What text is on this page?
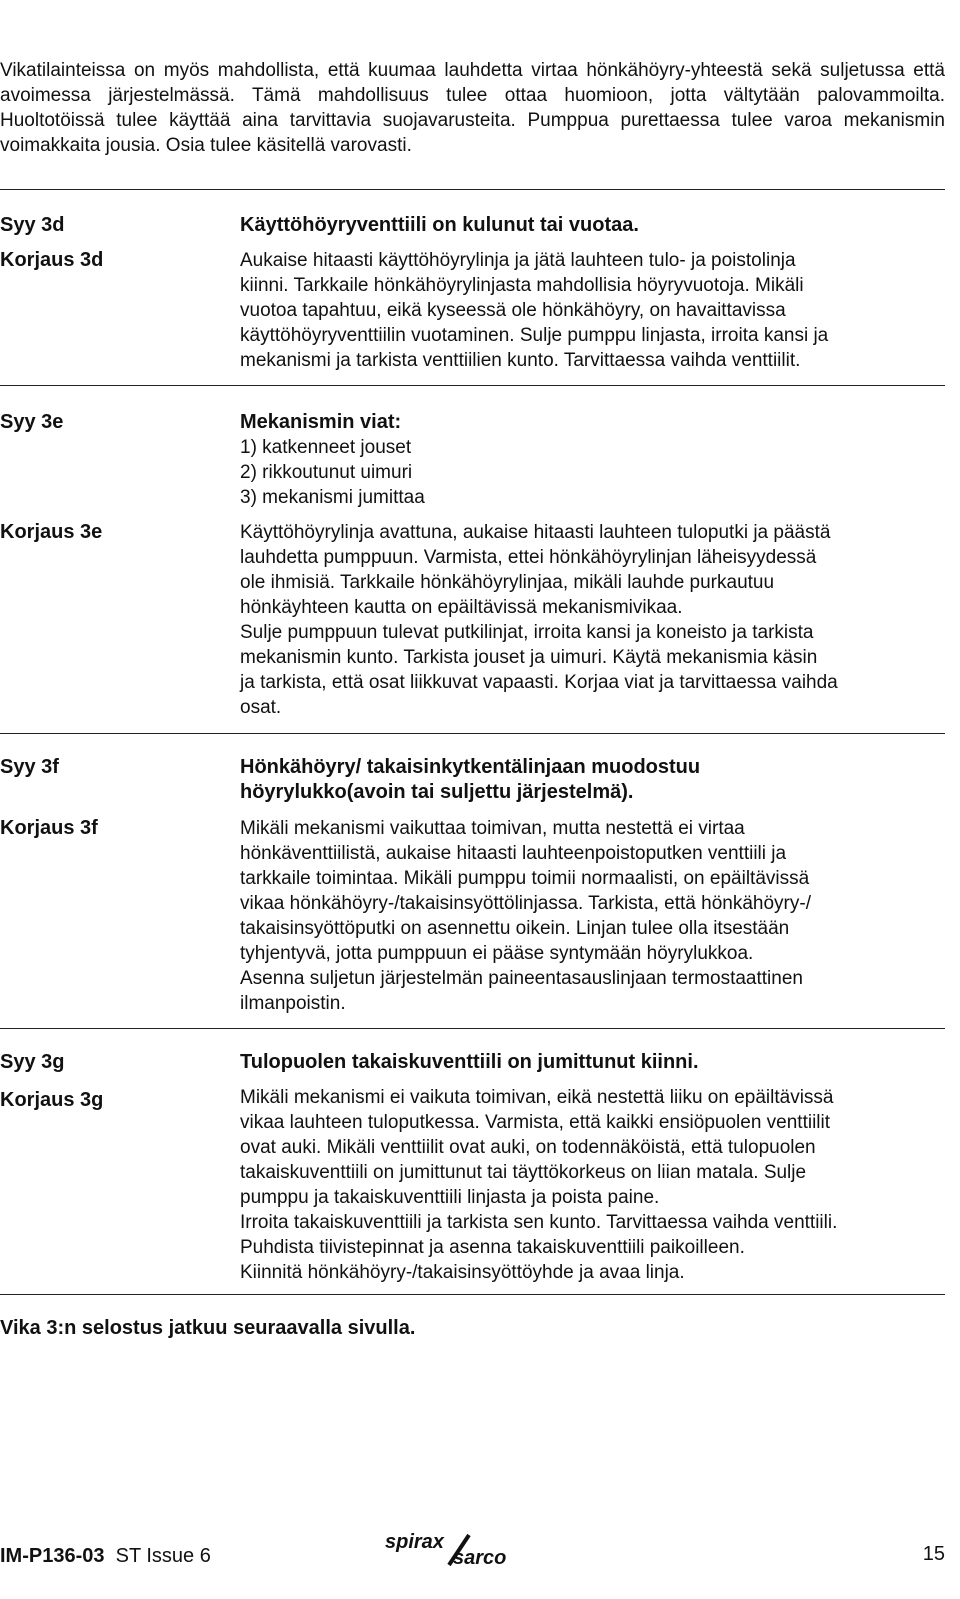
Vikatilainteissa on myös mahdollista, että kuumaa lauhdetta virtaa hönkähöyry-yhteestä sekä suljetussa että avoimessa järjestelmässä. Tämä mahdollisuus tulee ottaa huomioon, jotta vältytään palovammoilta. Huoltotöissä tulee käyttää aina tarvittavia suojavarusteita. Pumppua purettaessa tulee varoa mekanismin voimakkaita jousia. Osia tulee käsitellä varovasti.

Syy 3d
Korjaus 3d

Käyttöhöyryventtiili on kulunut tai vuotaa.

Aukaise hitaasti käyttöhöyrylinja ja jätä lauhteen tulo- ja poistolinja

kiinni. Tarkkaile hönkähöyrylinjasta mahdollisia höyryvuotoja. Mikäli

vuotoa tapahtuu, eikä kyseessä ole hönkähöyry, on havaittavissa

käyttöhöyryventtiilin vuotaminen. Sulje pumppu linjasta, irroita kansi ja

mekanismi ja tarkista venttiilien kunto. Tarvittaessa vaihda venttiilit.

Syy 3e
Korjaus 3e

Mekanismin viat:

1) katkenneet jouset

2) rikkoutunut uimuri

3) mekanismi jumittaa

Käyttöhöyrylinja avattuna, aukaise hitaasti lauhteen tuloputki ja päästä

lauhdetta pumppuun. Varmista, ettei hönkähöyrylinjan läheisyydessä

ole ihmisiä. Tarkkaile hönkähöyrylinjaa, mikäli lauhde purkautuu

hönkäyhteen kautta on epäiltävissä mekanismivikaa.

Sulje pumppuun tulevat putkilinjat, irroita kansi ja koneisto ja tarkista

mekanismin kunto. Tarkista jouset ja uimuri. Käytä mekanismia käsin

ja tarkista, että osat liikkuvat vapaasti. Korjaa viat ja tarvittaessa vaihda

osat.

Syy 3f
Korjaus 3f

Hönkähöyry/ takaisinkytkentälinjaan muodostuu

höyrylukko(avoin tai suljettu järjestelmä).

Mikäli mekanismi vaikuttaa toimivan, mutta nestettä ei virtaa

hönkäventtiilistä, aukaise hitaasti lauhteenpoistoputken venttiili ja

tarkkaile toimintaa. Mikäli pumppu toimii normaalisti, on epäiltävissä

vikaa hönkähöyry-/takaisinsyöttölinjassa. Tarkista, että hönkähöyry-/

takaisinsyöttöputki on asennettu oikein. Linjan tulee olla itsestään

tyhjentyvä, jotta pumppuun ei pääse syntymään höyrylukkoa.

Asenna suljetun järjestelmän paineentasauslinjaan termostaattinen

ilmanpoistin.

Syy 3g
Korjaus 3g

Tulopuolen takaiskuventtiili on jumittunut kiinni.

Mikäli mekanismi ei vaikuta toimivan, eikä nestettä liiku on epäiltävissä

vikaa lauhteen tuloputkessa. Varmista, että kaikki ensiöpuolen venttiilit

ovat auki. Mikäli venttiilit ovat auki, on todennäköistä, että tulopuolen

takaiskuventtiili on jumittunut tai täyttökorkeus on liian matala. Sulje

pumppu ja takaiskuventtiili linjasta ja poista paine.

Irroita takaiskuventtiili ja tarkista sen kunto. Tarvittaessa vaihda venttiili.

Puhdista tiivistepinnat ja asenna takaiskuventtiili paikoilleen.

Kiinnitä hönkähöyry-/takaisinsyöttöyhde ja avaa linja.

Vika 3:n selostus jatkuu seuraavalla sivulla.
IM-P136-03 ST Issue 6
spirax
sarco	15
